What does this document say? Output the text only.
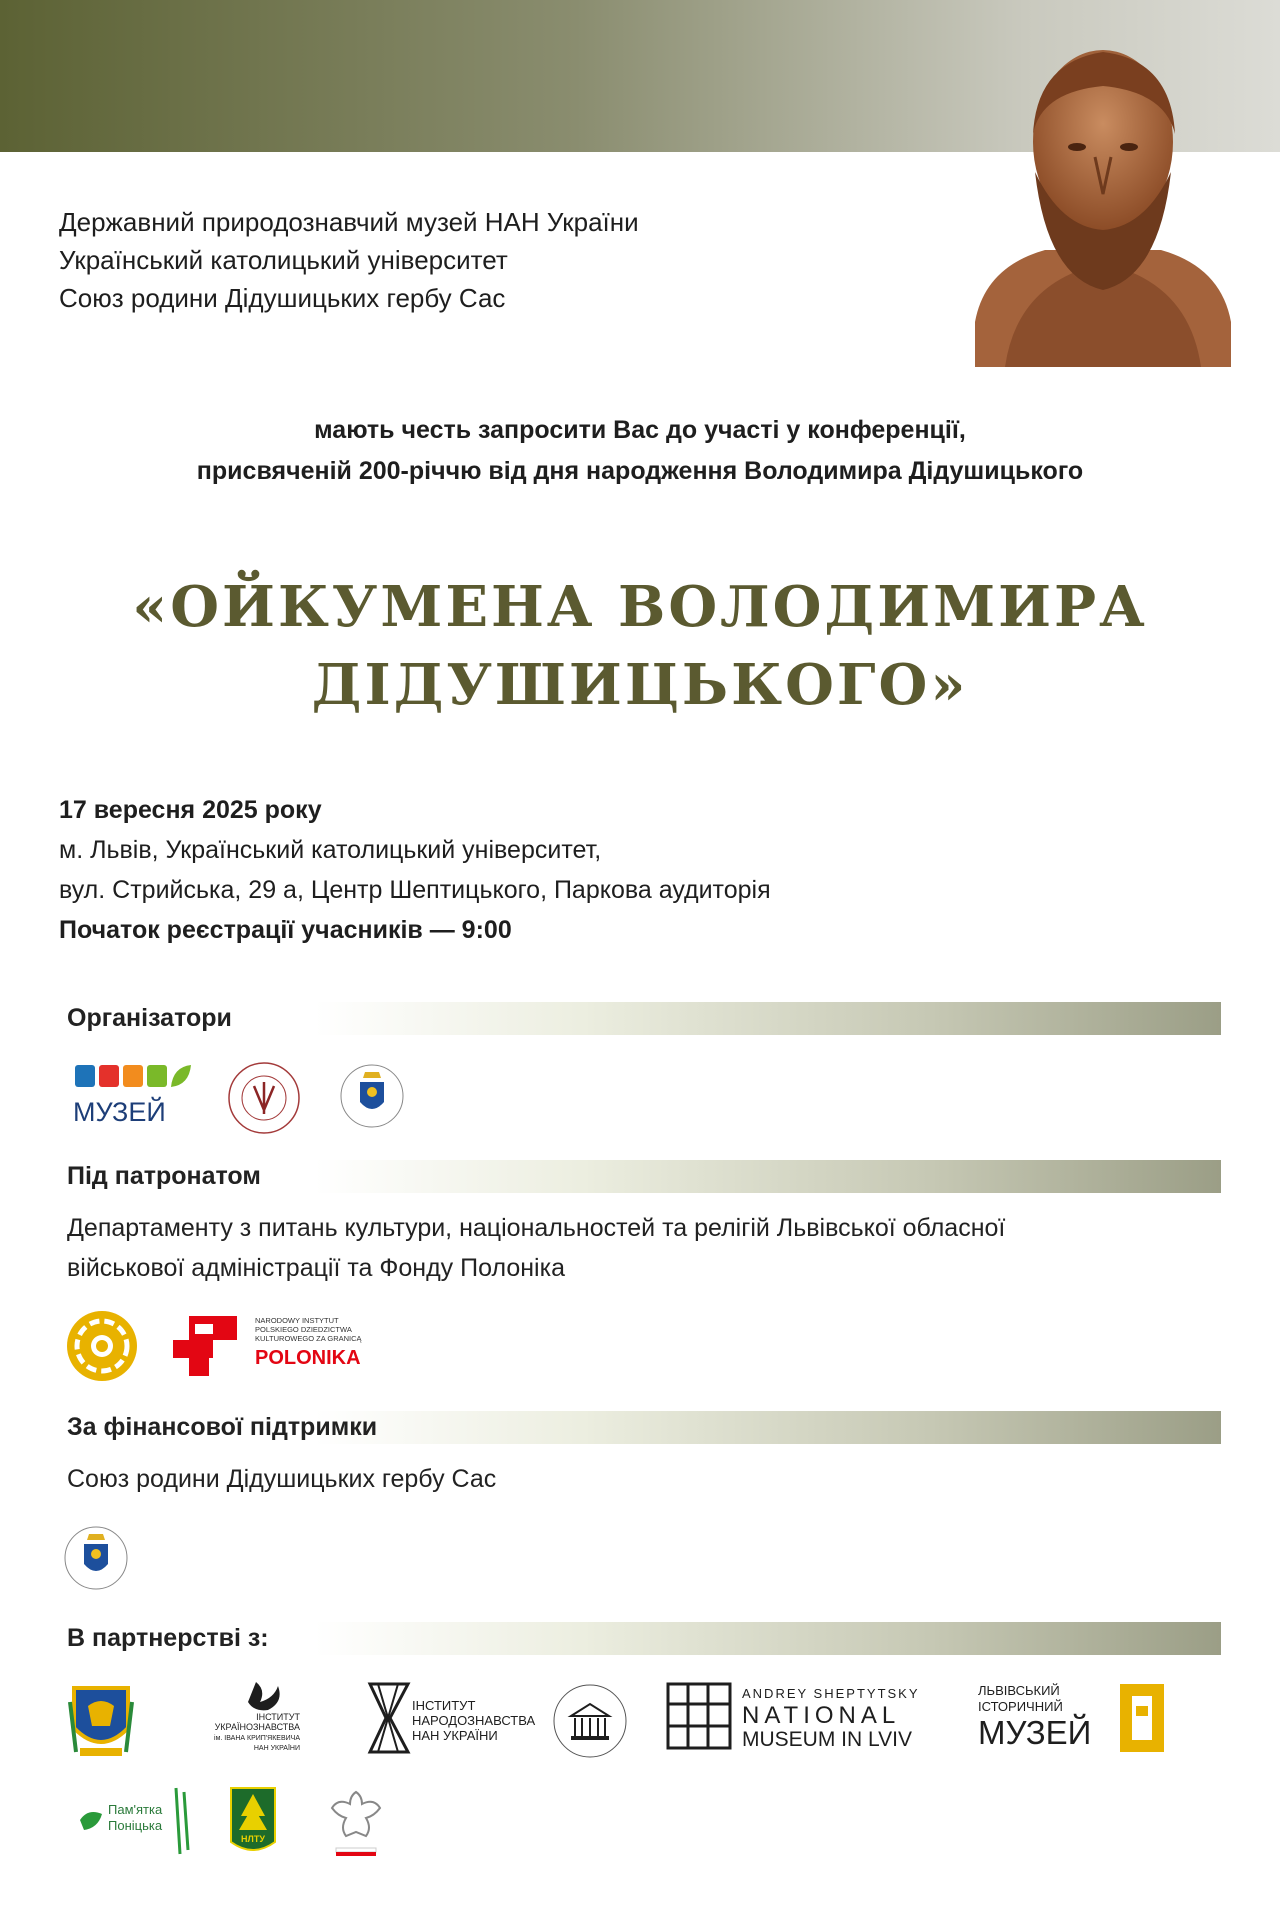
Державний природознавчий музей НАН України
Український католицький університет
Союз родини Дідушицьких гербу Сас
мають честь запросити Вас до участі у конференції,
присвяченій 200-річчю від дня народження Володимира Дідушицького
«ОЙКУМЕНА ВОЛОДИМИРА
ДІДУШИЦЬКОГО»
17 вересня 2025 року
м. Львів, Український католицький університет,
вул. Стрийська, 29 а, Центр Шептицького, Паркова аудиторія
Початок реєстрації учасників — 9:00
Організатори
МУЗЕЙ
Під патронатом
Департаменту з питань культури, національностей та релігій Львівської обласної
військової адміністрації та Фонду Полоніка
NARODOWY INSTYTUT
POLSKIEGO DZIEDZICTWA
KULTUROWEGO ZA GRANICĄ
POLONIKA
За фінансової підтримки
Союз родини Дідушицьких гербу Сас
В партнерстві з:
ІНСТИТУТ
УКРАЇНОЗНАВСТВА
ім. ІВАНА КРИП'ЯКЕВИЧА
НАН УКРАЇНИ
ІНСТИТУТ
НАРОДОЗНАВСТВА
НАН УКРАЇНИ
ANDREY SHEPTYTSKY
NATIONAL
MUSEUM IN LVIV
ЛЬВІВСЬКИЙ
ІСТОРИЧНИЙ
МУЗЕЙ
Пам'ятка
Поніцька
НЛТУ
